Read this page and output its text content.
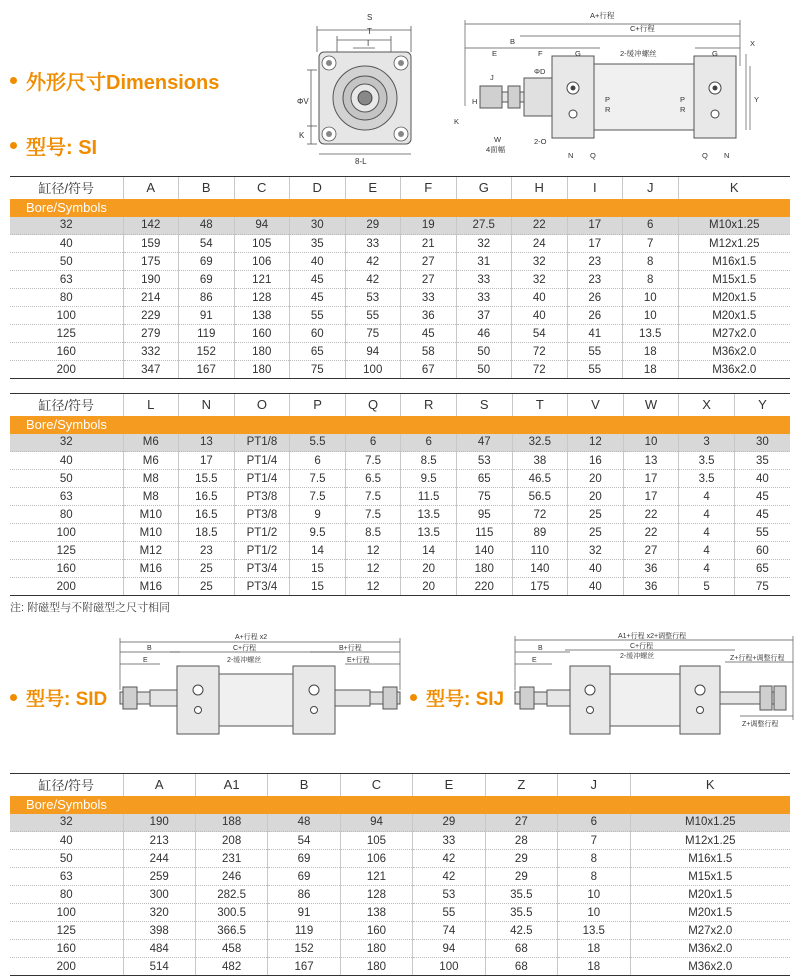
外形尺寸Dimensions
型号: SI
型号: SID	型号: SIJ
S
T
I
ΦV
K
8-L
A+行程
C+行程
B
E	F	G	G
2-缓冲螺丝
ΦD
J
H
W
4面幅
2-O
P
R
P
R
N Q	Q N
X
Y
K
缸径/符号	A	B	C	D	E	F	G	H	I	J	K
Bore/Symbols											
32	142	48	94	30	29	19	27.5	22	17	6	M10x1.25
40	159	54	105	35	33	21	32	24	17	7	M12x1.25
50	175	69	106	40	42	27	31	32	23	8	M16x1.5
63	190	69	121	45	42	27	33	32	23	8	M15x1.5
80	214	86	128	45	53	33	33	40	26	10	M20x1.5
100	229	91	138	55	55	36	37	40	26	10	M20x1.5
125	279	119	160	60	75	45	46	54	41	13.5	M27x2.0
160	332	152	180	65	94	58	50	72	55	18	M36x2.0
200	347	167	180	75	100	67	50	72	55	18	M36x2.0
缸径/符号	L	N	O	P	Q	R	S	T	V	W	X	Y
Bore/Symbols												
32	M6	13	PT1/8	5.5	6	6	47	32.5	12	10	3	30
40	M6	17	PT1/4	6	7.5	8.5	53	38	16	13	3.5	35
50	M8	15.5	PT1/4	7.5	6.5	9.5	65	46.5	20	17	3.5	40
63	M8	16.5	PT3/8	7.5	7.5	11.5	75	56.5	20	17	4	45
80	M10	16.5	PT3/8	9	7.5	13.5	95	72	25	22	4	45
100	M10	18.5	PT1/2	9.5	8.5	13.5	115	89	25	22	4	55
125	M12	23	PT1/2	14	12	14	140	110	32	27	4	60
160	M16	25	PT3/4	15	12	20	180	140	40	36	4	65
200	M16	25	PT3/4	15	12	20	220	175	40	36	5	75
注: 附磁型与不附磁型之尺寸相同
A+行程 x2
C+行程
B	B+行程
E+行程
E	2-缓冲螺丝
A1+行程 x2+调整行程
C+行程
B
E
2-缓冲螺丝	Z+行程+调整行程
Z+调整行程
缸径/符号	A	A1	B	C	E	Z	J	K
Bore/Symbols								
32	190	188	48	94	29	27	6	M10x1.25
40	213	208	54	105	33	28	7	M12x1.25
50	244	231	69	106	42	29	8	M16x1.5
63	259	246	69	121	42	29	8	M15x1.5
80	300	282.5	86	128	53	35.5	10	M20x1.5
100	320	300.5	91	138	55	35.5	10	M20x1.5
125	398	366.5	119	160	74	42.5	13.5	M27x2.0
160	484	458	152	180	94	68	18	M36x2.0
200	514	482	167	180	100	68	18	M36x2.0
